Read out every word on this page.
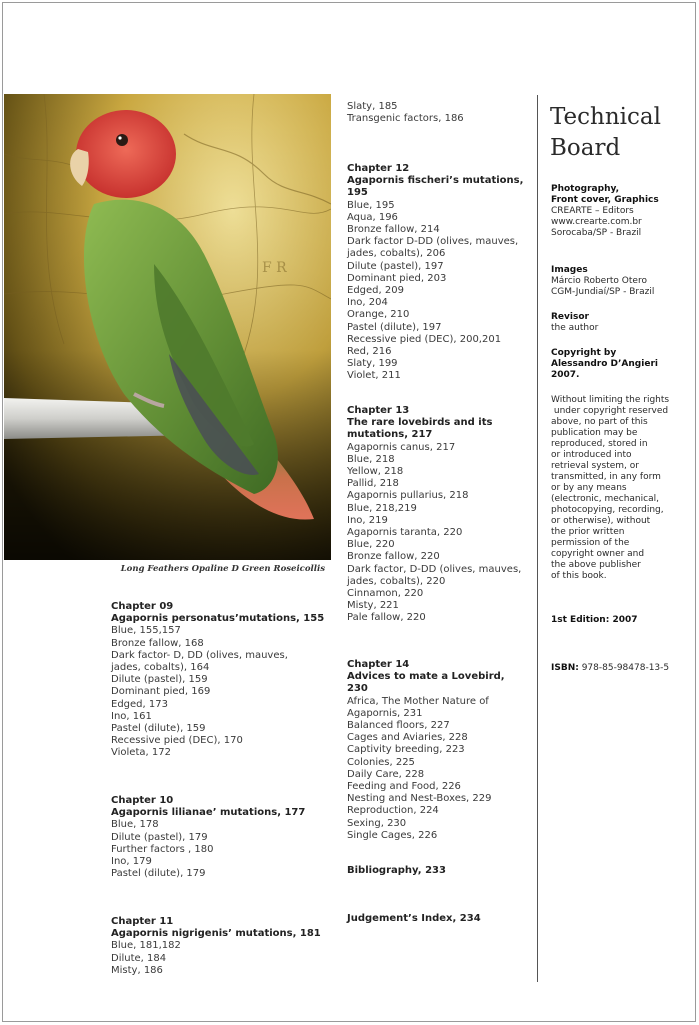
Long Feathers Opaline D Green Roseicollis
Chapter 09
Agapornis personatus’mutations, 155
Blue, 155,157
Bronze fallow, 168
Dark factor- D, DD (olives, mauves,
jades, cobalts), 164
Dilute (pastel), 159
Dominant pied, 169
Edged, 173
Ino, 161
Pastel (dilute), 159
Recessive pied (DEC), 170
Violeta, 172
Chapter 10
Agapornis lilianae’ mutations, 177
Blue, 178
Dilute (pastel), 179
Further factors , 180
Ino, 179
Pastel (dilute), 179
Chapter 11
Agapornis nigrigenis’ mutations, 181
Blue, 181,182
Dilute, 184
Misty, 186
Slaty, 185
Transgenic factors, 186
Chapter 12
Agapornis fischeri’s mutations, 195
Blue, 195
Aqua, 196
Bronze fallow, 214
Dark factor D-DD (olives, mauves,
jades, cobalts), 206
Dilute (pastel), 197
Dominant pied, 203
Edged, 209
Ino, 204
Orange, 210
Pastel (dilute), 197
Recessive pied (DEC), 200,201
Red, 216
Slaty, 199
Violet, 211
Chapter 13
The rare lovebirds and its mutations, 217
Agapornis canus, 217
Blue, 218
Yellow, 218
Pallid, 218
Agapornis pullarius, 218
Blue, 218,219
Ino, 219
Agapornis taranta, 220
Blue, 220
Bronze fallow, 220
Dark factor, D-DD (olives, mauves,
jades, cobalts), 220
Cinnamon, 220
Misty, 221
Pale fallow, 220
Chapter 14
Advices to mate a Lovebird, 230
Africa, The Mother Nature of
Agapornis, 231
Balanced floors, 227
Cages and Aviaries, 228
Captivity breeding, 223
Colonies, 225
Daily Care, 228
Feeding and Food, 226
Nesting and Nest-Boxes, 229
Reproduction, 224
Sexing, 230
Single Cages, 226
Bibliography, 233
Judgement’s Index, 234
Technical
Board
Photography,
Front cover, Graphics
CREARTE – Editors
www.crearte.com.br
Sorocaba/SP - Brazil
Images
Márcio Roberto Otero
CGM-Jundiaí/SP - Brazil
Revisor
the author
Copyright by
Alessandro D’Angieri
2007.
Without limiting the rights
under copyright reserved
above, no part of this
publication may be
reproduced, stored in
or introduced into
retrieval system, or
transmitted, in any form
or by any means
(electronic, mechanical,
photocopying, recording,
or otherwise), without
the prior written
permission of the
copyright owner and
the above publisher
of this book.
1st Edition: 2007
ISBN: 978-85-98478-13-5
